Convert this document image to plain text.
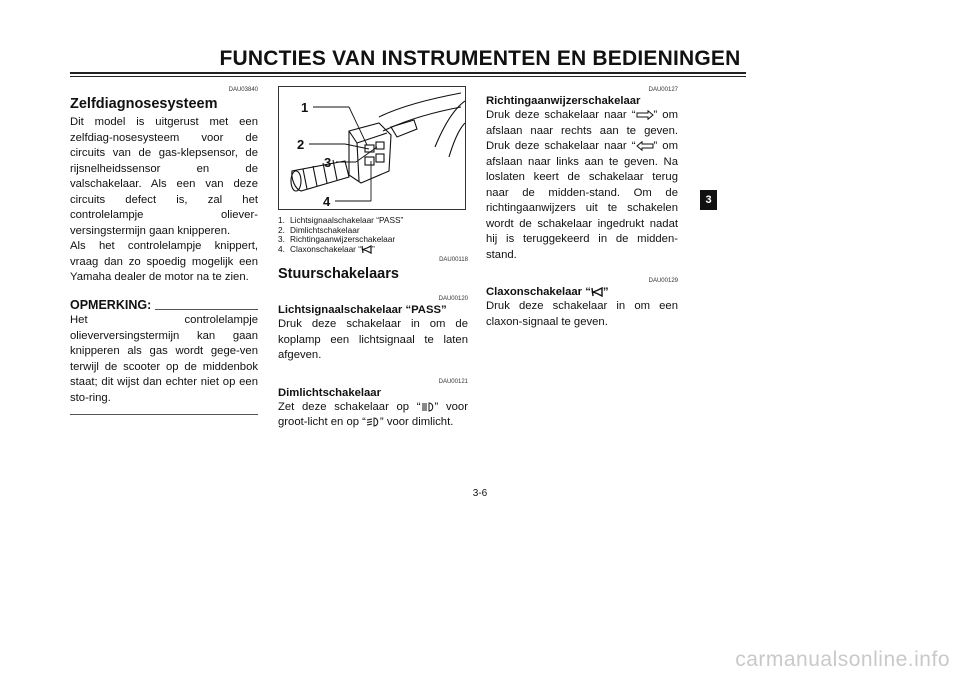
FUNCTIES VAN INSTRUMENTEN EN BEDIENINGEN
DAU03840
Zelfdiagnosesysteem

Dit model is uitgerust met een zelfdiag-nosesysteem voor de circuits van de gas-klepsensor, de rijsnelheidssensor en de valschakelaar. Als een van deze circuits defect is, zal het controlelampje oliever-versingstermijn gaan knipperen.

Als het controlelampje knippert, vraag dan zo spoedig mogelijk een Yamaha dealer de motor na te zien.

OPMERKING:

Het controlelampje olieverversingstermijn kan gaan knipperen als gas wordt gege-ven terwijl de scooter op de middenbok staat; dit wijst dan echter niet op een sto-ring.

1
2
3
4
1. Lichtsignaalschakelaar “PASS”
2. Dimlichtschakelaar
3. Richtingaanwijzerschakelaar
4. Claxonschakelaar “ ”
DAU00118
Stuurschakelaars
DAU00120
Lichtsignaalschakelaar “PASS”

Druk deze schakelaar in om de koplamp een lichtsignaal te laten afgeven.

DAU00121
Dimlichtschakelaar

Zet deze schakelaar op “ ” voor groot-licht en op “ ” voor dimlicht.

DAU00127
Richtingaanwijzerschakelaar

Druk deze schakelaar naar “ ” om afslaan naar rechts aan te geven. Druk deze schakelaar naar “ ” om afslaan naar links aan te geven. Na loslaten keert de schakelaar terug naar de midden-stand. Om de richtingaanwijzers uit te schakelen wordt de schakelaar ingedrukt nadat hij is teruggekeerd in de midden-stand.

DAU00129
Claxonschakelaar “ ”

Druk deze schakelaar in om een claxon-signaal te geven.

3-6
3
carmanualsonline.info
